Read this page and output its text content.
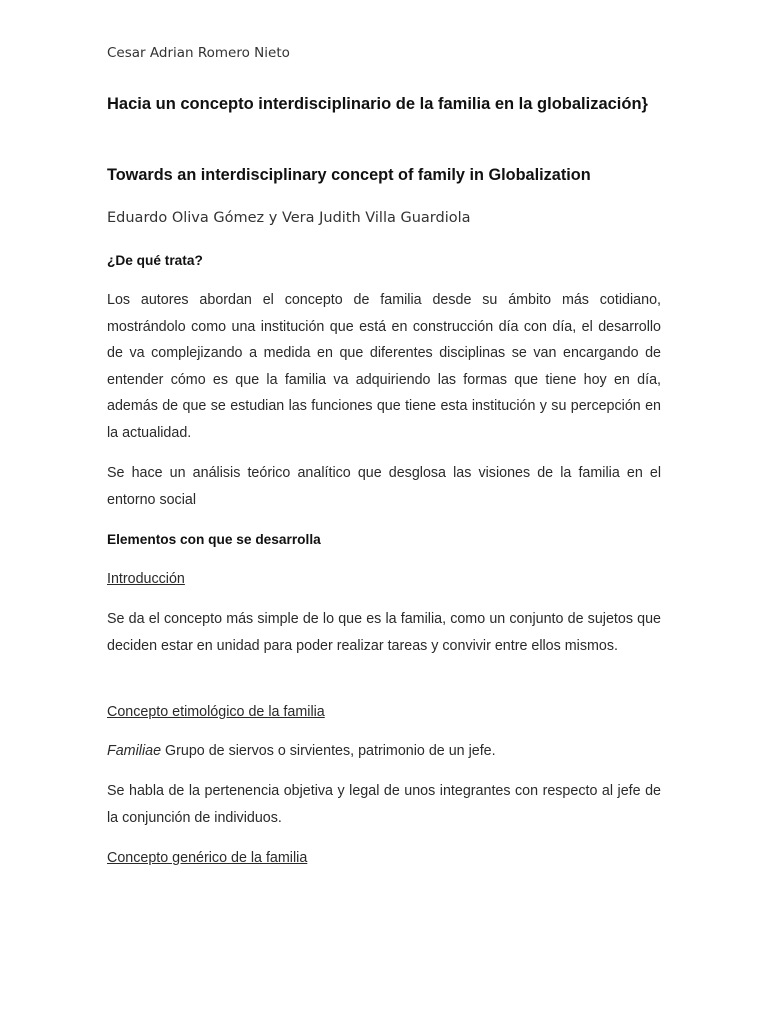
Cesar Adrian Romero Nieto
Hacia un concepto interdisciplinario de la familia en la globalización}
Towards an interdisciplinary concept of family in Globalization
Eduardo Oliva Gómez y Vera Judith Villa Guardiola
¿De qué trata?
Los autores abordan el concepto de familia desde su ámbito más cotidiano, mostrándolo como una institución que está en construcción día con día, el desarrollo de va complejizando a medida en que diferentes disciplinas se van encargando de entender cómo es que la familia va adquiriendo las formas que tiene hoy en día, además de que se estudian las funciones que tiene esta institución y su percepción en la actualidad.
Se hace un análisis teórico analítico que desglosa las visiones de la familia en el entorno social
Elementos con que se desarrolla
Introducción
Se da el concepto más simple de lo que es la familia, como un conjunto de sujetos que deciden estar en unidad para poder realizar tareas y convivir entre ellos mismos.
Concepto etimológico de la familia
Familiae Grupo de siervos o sirvientes, patrimonio de un jefe.
Se habla de la pertenencia objetiva y legal de unos integrantes con respecto al jefe de la conjunción de individuos.
Concepto genérico de la familia
